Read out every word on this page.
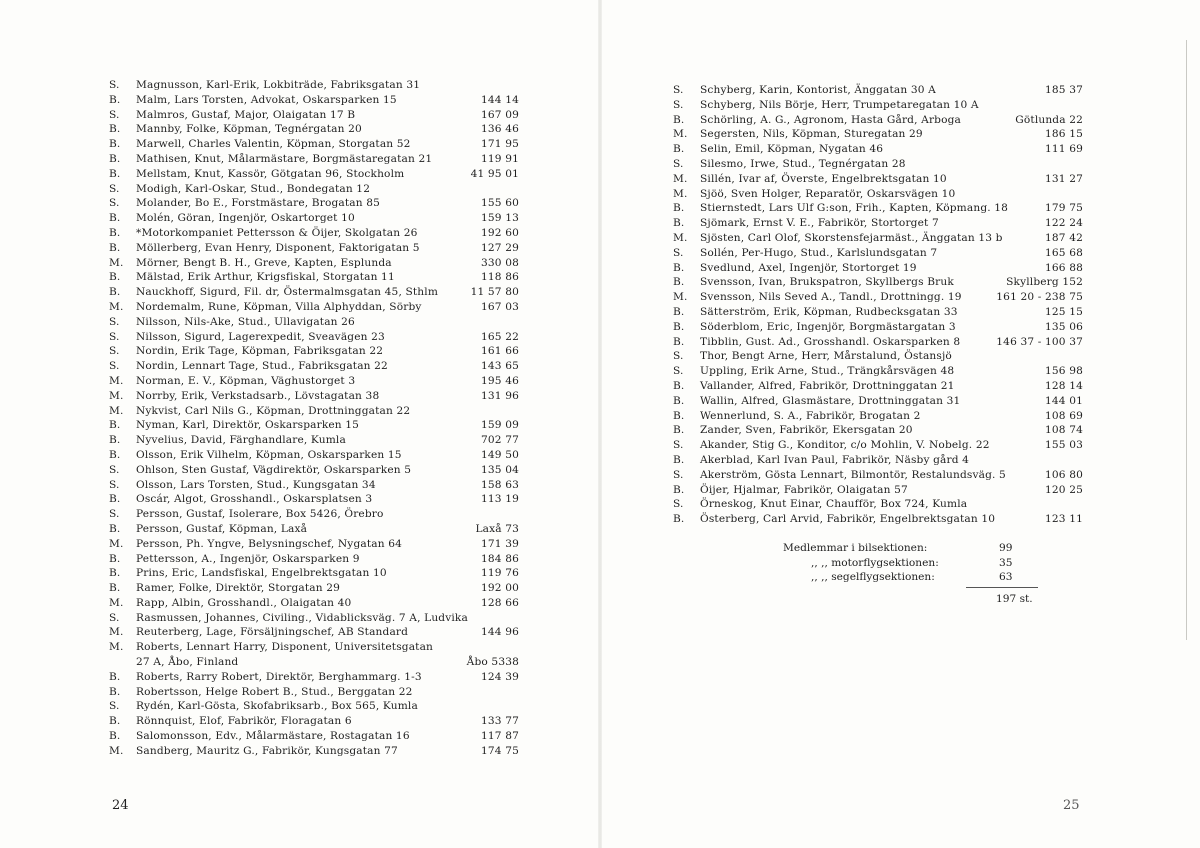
S.	Magnusson, Karl-Erik, Lokbiträde, Fabriksgatan 31
B. Malm, Lars Torsten, Advokat, Oskarsparken 15	144 14
S.	Malmros, Gustaf, Major, Olaigatan 17 B	167 09
B. Mannby, Folke, Köpman, Tegnérgatan 20	136 46
B. Marwell, Charles Valentin, Köpman, Storgatan 52	171 95
B. Mathisen, Knut, Målarmästare, Borgmästaregatan 21	119 91
B. Mellstam, Knut, Kassör, Götgatan 96, Stockholm	41 95 01
S.	Modigh, Karl-Oskar, Stud., Bondegatan 12
S.	Molander, Bo E., Forstmästare, Brogatan 85	155 60
B. Molén, Göran, Ingenjör, Oskartorget 10	159 13
B. *Motorkompaniet Pettersson & Öijer, Skolgatan 26	192 60
B. Möllerberg, Evan Henry, Disponent, Faktorigatan 5	127 29
M. Mörner, Bengt B. H., Greve, Kapten, Esplunda	330 08
B. Mälstad, Erik Arthur, Krigsfiskal, Storgatan 11	118 86
B. Nauckhoff, Sigurd, Fil. dr, Östermalmsgatan 45, Sthlm	11 57 80
M. Nordemalm, Rune, Köpman, Villa Alphyddan, Sörby	167 03
S.	Nilsson, Nils-Ake, Stud., Ullavigatan 26
S.	Nilsson, Sigurd, Lagerexpedit, Sveavägen 23	165 22
S.	Nordin, Erik Tage, Köpman, Fabriksgatan 22	161 66
S.	Nordin, Lennart Tage, Stud., Fabriksgatan 22	143 65
M. Norman, E. V., Köpman, Väghustorget 3	195 46
M. Norrby, Erik, Verkstadsarb., Lövstagatan 38	131 96
M. Nykvist, Carl Nils G., Köpman, Drottninggatan 22
B. Nyman, Karl, Direktör, Oskarsparken 15	159 09
B. Nyvelius, David, Färghandlare, Kumla	702 77
B. Olsson, Erik Vilhelm, Köpman, Oskarsparken 15	149 50
S.	Ohlson, Sten Gustaf, Vägdirektör, Oskarsparken 5	135 04
S.	Olsson, Lars Torsten, Stud., Kungsgatan 34	158 63
B. Oscár, Algot, Grosshandl., Oskarsplatsen 3	113 19
S.	Persson, Gustaf, Isolerare, Box 5426, Örebro
B. Persson, Gustaf, Köpman, Laxå	Laxå 73
M. Persson, Ph. Yngve, Belysningschef, Nygatan 64	171 39
B. Pettersson, A., Ingenjör, Oskarsparken 9	184 86
B. Prins, Eric, Landsfiskal, Engelbrektsgatan 10	119 76
B. Ramer, Folke, Direktör, Storgatan 29	192 00
M. Rapp, Albin, Grosshandl., Olaigatan 40	128 66
S.	Rasmussen, Johannes, Civiling., Vidablicksväg. 7 A, Ludvika
M. Reuterberg, Lage, Försäljningschef, AB Standard	144 96
M. Roberts, Lennart Harry, Disponent, Universitetsgatan
27 A, Åbo, Finland	Åbo 5338
B. Roberts, Rarry Robert, Direktör, Berghammarg. 1-3	124 39
B. Robertsson, Helge Robert B., Stud., Berggatan 22
S.	Rydén, Karl-Gösta, Skofabriksarb., Box 565, Kumla
B. Rönnquist, Elof, Fabrikör, Floragatan 6	133 77
B. Salomonsson, Edv., Målarmästare, Rostagatan 16	117 87
M. Sandberg, Mauritz G., Fabrikör, Kungsgatan 77	174 75
24
S.	Schyberg, Karin, Kontorist, Änggatan 30 A	185 37
S.	Schyberg, Nils Börje, Herr, Trumpetaregatan 10 A
B. Schörling, A. G., Agronom, Hasta Gård, Arboga	Götlunda 22
M. Segersten, Nils, Köpman, Sturegatan 29	186 15
B. Selin, Emil, Köpman, Nygatan 46	111 69
S.	Silesmo, Irwe, Stud., Tegnérgatan 28
M. Sillén, Ivar af, Överste, Engelbrektsgatan 10	131 27
M. Sjöö, Sven Holger, Reparatör, Oskarsvägen 10
B. Stiernstedt, Lars Ulf G:son, Frih., Kapten, Köpmang. 18	179 75
B. Sjömark, Ernst V. E., Fabrikör, Stortorget 7	122 24
M. Sjösten, Carl Olof, Skorstensfejarmäst., Änggatan 13 b	187 42
S.	Sollén, Per-Hugo, Stud., Karlslundsgatan 7	165 68
B. Svedlund, Axel, Ingenjör, Stortorget 19	166 88
B. Svensson, Ivan, Brukspatron, Skyllbergs Bruk	Skyllberg 152
M. Svensson, Nils Seved A., Tandl., Drottningg. 19	161 20 - 238 75
B. Sätterström, Erik, Köpman, Rudbecksgatan 33	125 15
B. Söderblom, Eric, Ingenjör, Borgmästargatan 3	135 06
B. Tibblin, Gust. Ad., Grosshandl. Oskarsparken 8	146 37 - 100 37
S.	Thor, Bengt Arne, Herr, Mårstalund, Östansjö
S.	Uppling, Erik Arne, Stud., Trängkårsvägen 48	156 98
B. Vallander, Alfred, Fabrikör, Drottninggatan 21	128 14
B. Wallin, Alfred, Glasmästare, Drottninggatan 31	144 01
B. Wennerlund, S. A., Fabrikör, Brogatan 2	108 69
B. Zander, Sven, Fabrikör, Ekersgatan 20	108 74
S.	Akander, Stig G., Konditor, c/o Mohlin, V. Nobelg. 22	155 03
B. Akerblad, Karl Ivan Paul, Fabrikör, Näsby gård 4
S.	Akerström, Gösta Lennart, Bilmontör, Restalundsväg. 5	106 80
B. Öijer, Hjalmar, Fabrikör, Olaigatan 57	120 25
S.	Örneskog, Knut Einar, Chaufför, Box 724, Kumla
B. Österberg, Carl Arvid, Fabrikör, Engelbrektsgatan 10	123 11
Medlemmar i bilsektionen:	99
,, ,, motorflygsektionen:	35
,, ,, segelflygsektionen:	63
197 st.
25
